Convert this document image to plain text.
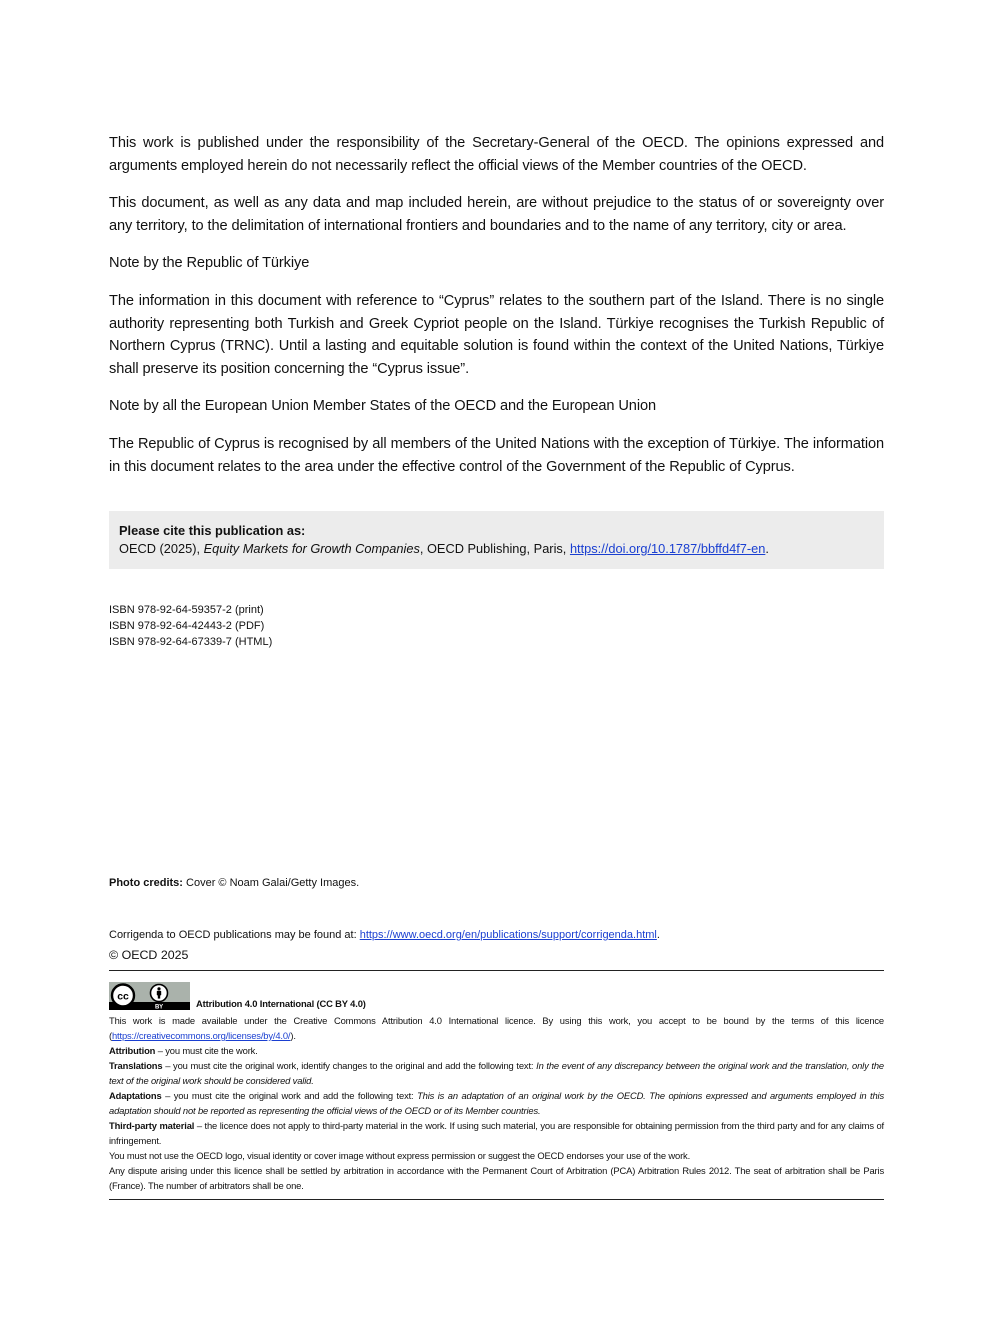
This work is published under the responsibility of the Secretary-General of the OECD. The opinions expressed and arguments employed herein do not necessarily reflect the official views of the Member countries of the OECD.

This document, as well as any data and map included herein, are without prejudice to the status of or sovereignty over any territory, to the delimitation of international frontiers and boundaries and to the name of any territory, city or area.

Note by the Republic of Türkiye

The information in this document with reference to “Cyprus” relates to the southern part of the Island. There is no single authority representing both Turkish and Greek Cypriot people on the Island. Türkiye recognises the Turkish Republic of Northern Cyprus (TRNC). Until a lasting and equitable solution is found within the context of the United Nations, Türkiye shall preserve its position concerning the “Cyprus issue”.

Note by all the European Union Member States of the OECD and the European Union

The Republic of Cyprus is recognised by all members of the United Nations with the exception of Türkiye. The information in this document relates to the area under the effective control of the Government of the Republic of Cyprus.

Please cite this publication as:
OECD (2025), Equity Markets for Growth Companies, OECD Publishing, Paris, https://doi.org/10.1787/bbffd4f7-en.
ISBN 978-92-64-59357-2 (print)
ISBN 978-92-64-42443-2 (PDF)
ISBN 978-92-64-67339-7 (HTML)
Photo credits: Cover © Noam Galai/Getty Images.
Corrigenda to OECD publications may be found at: https://www.oecd.org/en/publications/support/corrigenda.html.
© OECD 2025
cc
BY	Attribution 4.0 International (CC BY 4.0)

This work is made available under the Creative Commons Attribution 4.0 International licence. By using this work, you accept to be bound by the terms of this licence (https://creativecommons.org/licenses/by/4.0/).

Attribution – you must cite the work.

Translations – you must cite the original work, identify changes to the original and add the following text: In the event of any discrepancy between the original work and the translation, only the text of the original work should be considered valid.

Adaptations – you must cite the original work and add the following text: This is an adaptation of an original work by the OECD. The opinions expressed and arguments employed in this adaptation should not be reported as representing the official views of the OECD or of its Member countries.

Third-party material – the licence does not apply to third-party material in the work. If using such material, you are responsible for obtaining permission from the third party and for any claims of infringement.

You must not use the OECD logo, visual identity or cover image without express permission or suggest the OECD endorses your use of the work.

Any dispute arising under this licence shall be settled by arbitration in accordance with the Permanent Court of Arbitration (PCA) Arbitration Rules 2012. The seat of arbitration shall be Paris (France). The number of arbitrators shall be one.
